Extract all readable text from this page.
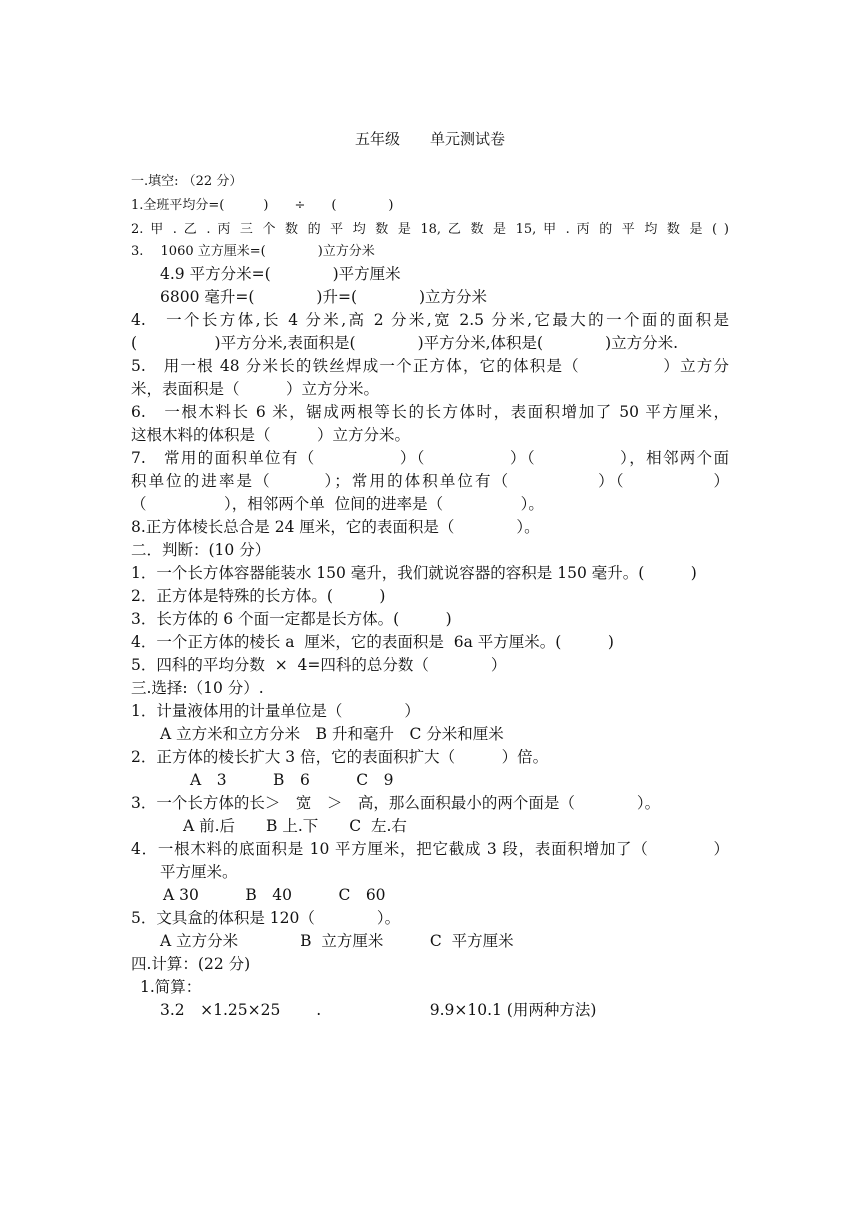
五年级　　单元测试卷
一.填空: （22 分）
1.全班平均分=(　　　)　　÷　　(　　　　)
2. 甲 . 乙 . 丙 三 个 数 的 平 均 数 是 18, 乙 数 是 15, 甲 . 丙 的 平 均 数 是 ( )
3.　 1060 立方厘米=(　　　　)立方分米
4.9 平方分米=(　　　　)平方厘米
6800 毫升=(　　　　)升=(　　　　)立方分米
4.　一个长方体,长 4 分米,高 2 分米,宽 2.5 分米,它最大的一个面的面积是
(　　　　　)平方分米,表面积是(　　　　)平方分米,体积是(　　　　)立方分米.
5.　用一根 48 分米长的铁丝焊成一个正方体，它的体积是（　　　　　）立方分
米，表面积是（　　　）立方分米。
6.　一根木料长 6 米，锯成两根等长的长方体时，表面积增加了 50 平方厘米，
这根木料的体积是（　　　）立方分米。
7.　常用的面积单位有（　　　　　）（　　　　　）（　　　　　），相邻两个面
积单位的进率是（　　　）；常用的体积单位有（　　　　　）（　　　　　）
（　　　　　），相邻两个单  位间的进率是（　　　　　）。
8.正方体棱长总合是 24 厘米，它的表面积是（　　　　）。
二．判断：(10 分）
1．一个长方体容器能装水 150 毫升，我们就说容器的容积是 150 毫升。(　　　)
2．正方体是特殊的长方体。(　　　)
3．长方体的 6 个面一定都是长方体。(　　　)
4．一个正方体的棱长 a  厘米，它的表面积是  6a 平方厘米。(　　　)
5．四科的平均分数  ×  4=四科的总分数（　　　　）
三.选择:（10 分）.
1．计量液体用的计量单位是（　　　　）
A 立方米和立方分米　B 升和毫升　C 分米和厘米
2．正方体的棱长扩大 3 倍，它的表面积扩大（　　　）倍。
A　3　　　B　6　　　C　9
3．一个长方体的长＞　宽　＞　高，那么面积最小的两个面是（　　　　）。
A 前.后　　B 上.下　　C  左.右
4．一根木料的底面积是 10 平方厘米，把它截成 3 段，表面积增加了（　　　　）
平方厘米。
A 30　　　B　40　　　C　60
5．文具盒的体积是 120（　　　　）。
A 立方分米　　　　B  立方厘米　　　C  平方厘米
四.计算：(22 分)
1.简算：
3.2　×1.25×25　　 .　　　　　　　9.9×10.1 (用两种方法)
